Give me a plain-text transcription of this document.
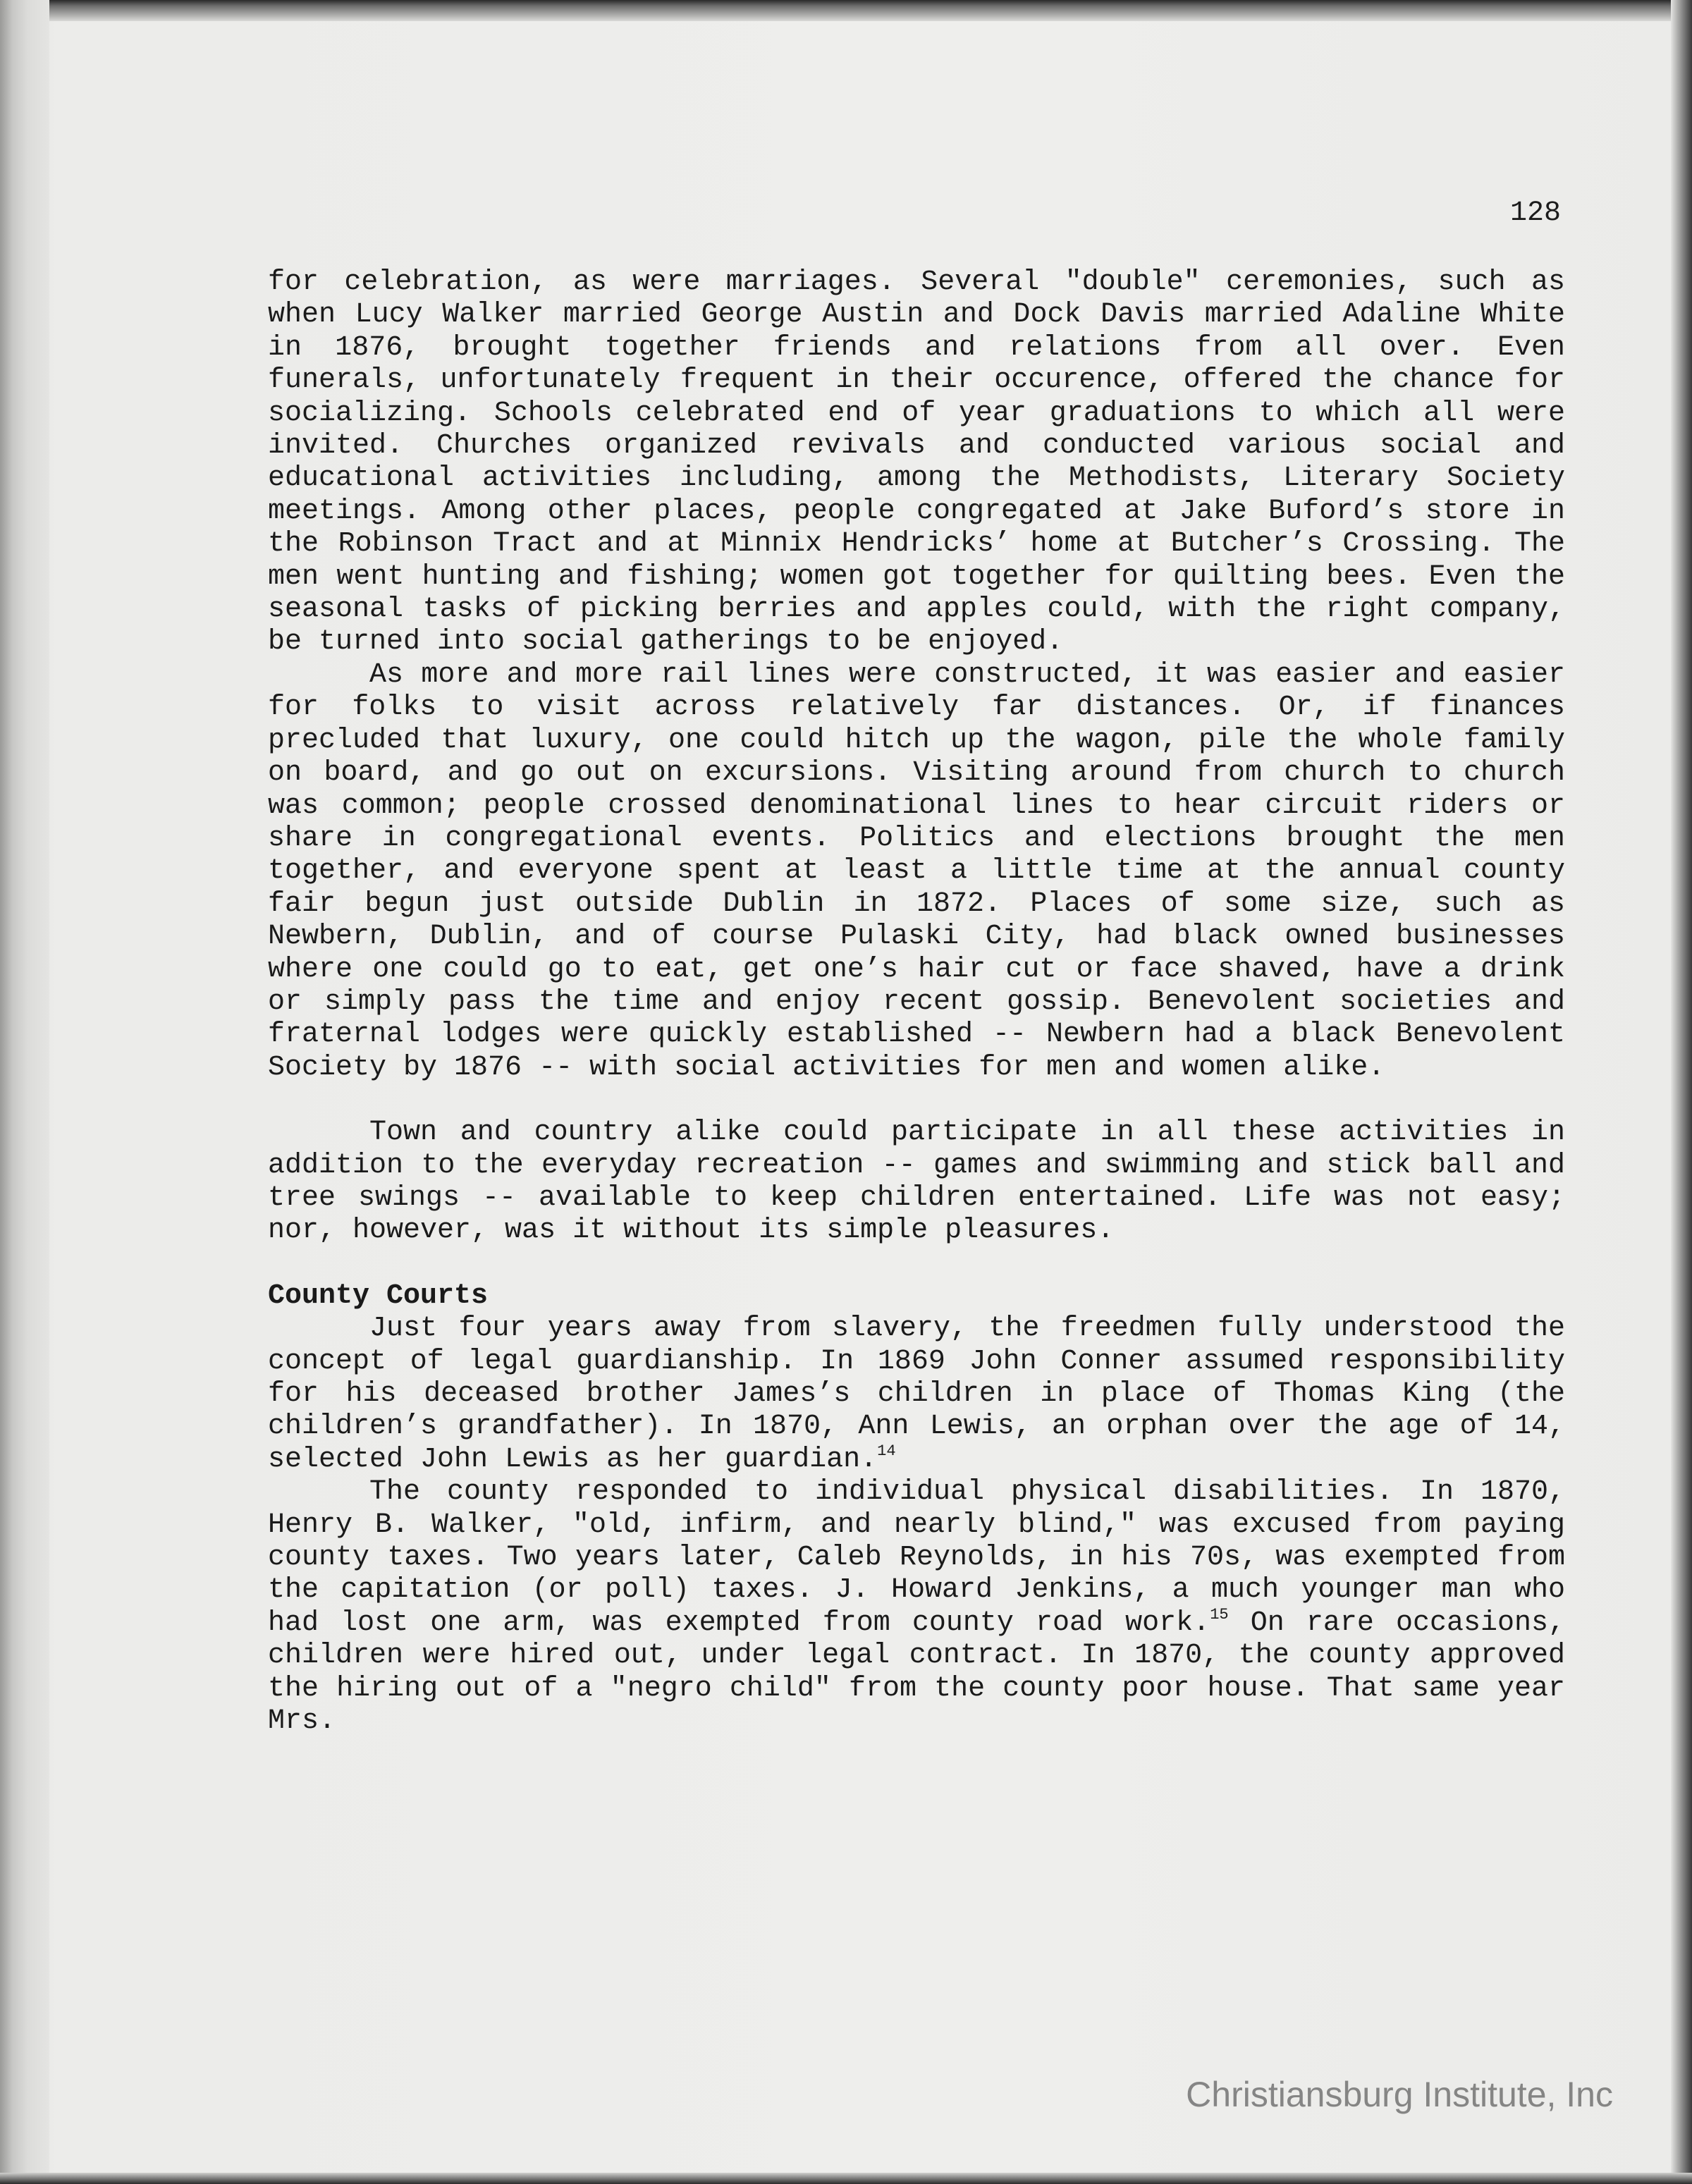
128

for celebration, as were marriages. Several "double" ceremonies, such as when Lucy Walker married George Austin and Dock Davis married Adaline White in 1876, brought together friends and relations from all over. Even funerals, unfortunately frequent in their occurence, offered the chance for socializing. Schools celebrated end of year graduations to which all were invited. Churches organized revivals and conducted various social and educational activities including, among the Methodists, Literary Society meetings. Among other places, people congregated at Jake Buford’s store in the Robinson Tract and at Minnix Hendricks’ home at Butcher’s Crossing. The men went hunting and fishing; women got together for quilting bees. Even the seasonal tasks of picking berries and apples could, with the right company, be turned into social gatherings to be enjoyed.

As more and more rail lines were constructed, it was easier and easier for folks to visit across relatively far distances. Or, if finances precluded that luxury, one could hitch up the wagon, pile the whole family on board, and go out on excursions. Visiting around from church to church was common; people crossed denominational lines to hear circuit riders or share in congregational events. Politics and elections brought the men together, and everyone spent at least a little time at the annual county fair begun just outside Dublin in 1872. Places of some size, such as Newbern, Dublin, and of course Pulaski City, had black owned businesses where one could go to eat, get one’s hair cut or face shaved, have a drink or simply pass the time and enjoy recent gossip. Benevolent societies and fraternal lodges were quickly established -- Newbern had a black Benevolent Society by 1876 -- with social activities for men and women alike.

Town and country alike could participate in all these activities in addition to the everyday recreation -- games and swimming and stick ball and tree swings -- available to keep children entertained. Life was not easy; nor, however, was it without its simple pleasures.

County Courts

Just four years away from slavery, the freedmen fully understood the concept of legal guardianship. In 1869 John Conner assumed responsibility for his deceased brother James’s children in place of Thomas King (the children’s grandfather). In 1870, Ann Lewis, an orphan over the age of 14, selected John Lewis as her guardian.$^{14}$

The county responded to individual physical disabilities. In 1870, Henry B. Walker, "old, infirm, and nearly blind," was excused from paying county taxes. Two years later, Caleb Reynolds, in his 70s, was exempted from the capitation (or poll) taxes. J. Howard Jenkins, a much younger man who had lost one arm, was exempted from county road work.$^{15}$ On rare occasions, children were hired out, under legal contract. In 1870, the county approved the hiring out of a "negro child" from the county poor house. That same year Mrs.

Christiansburg Institute, Inc
